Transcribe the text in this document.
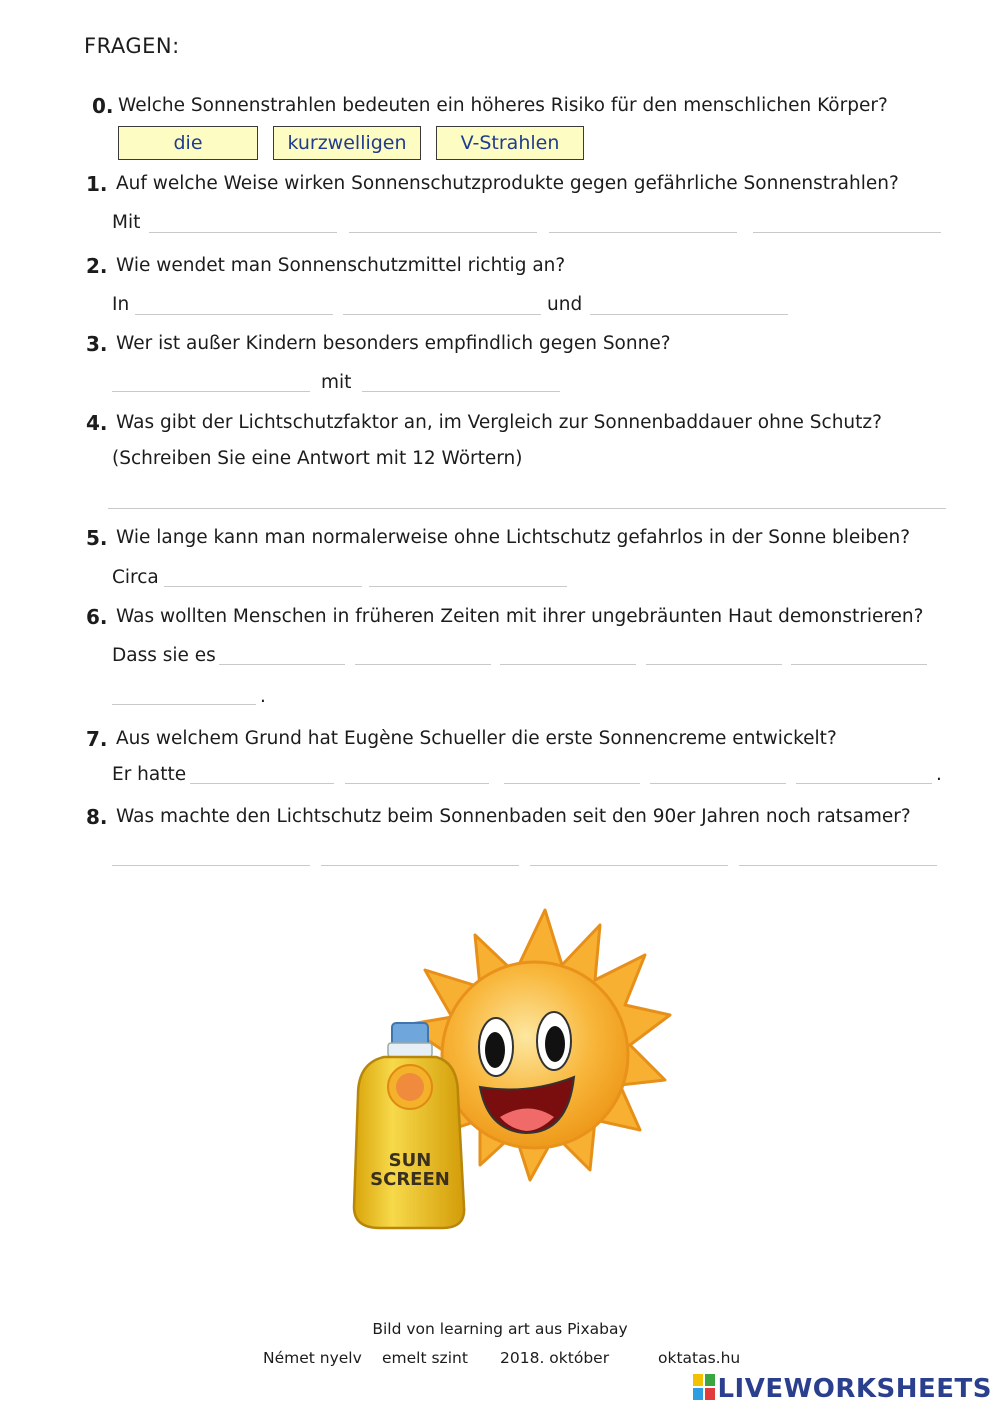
FRAGEN:
0. Welche Sonnenstrahlen bedeuten ein höheres Risiko für den menschlichen Körper?
die	kurzwelligen	V-Strahlen
1. Auf welche Weise wirken Sonnenschutzprodukte gegen gefährliche Sonnenstrahlen?
Mit
2. Wie wendet man Sonnenschutzmittel richtig an?
In	und
3. Wer ist außer Kindern besonders empfindlich gegen Sonne?
mit
4. Was gibt der Lichtschutzfaktor an, im Vergleich zur Sonnenbaddauer ohne Schutz?
(Schreiben Sie eine Antwort mit 12 Wörtern)
5. Wie lange kann man normalerweise ohne Lichtschutz gefahrlos in der Sonne bleiben?
Circa
6. Was wollten Menschen in früheren Zeiten mit ihrer ungebräunten Haut demonstrieren?
Dass sie es
.
7. Aus welchem Grund hat Eugène Schueller die erste Sonnencreme entwickelt?
Er hatte	.
8. Was machte den Lichtschutz beim Sonnenbaden seit den 90er Jahren noch ratsamer?
SUN
SCREEN
Bild von learning art aus Pixabay
Német nyelv emelt szint 2018. október	oktatas.hu
LIVEWORKSHEETS
